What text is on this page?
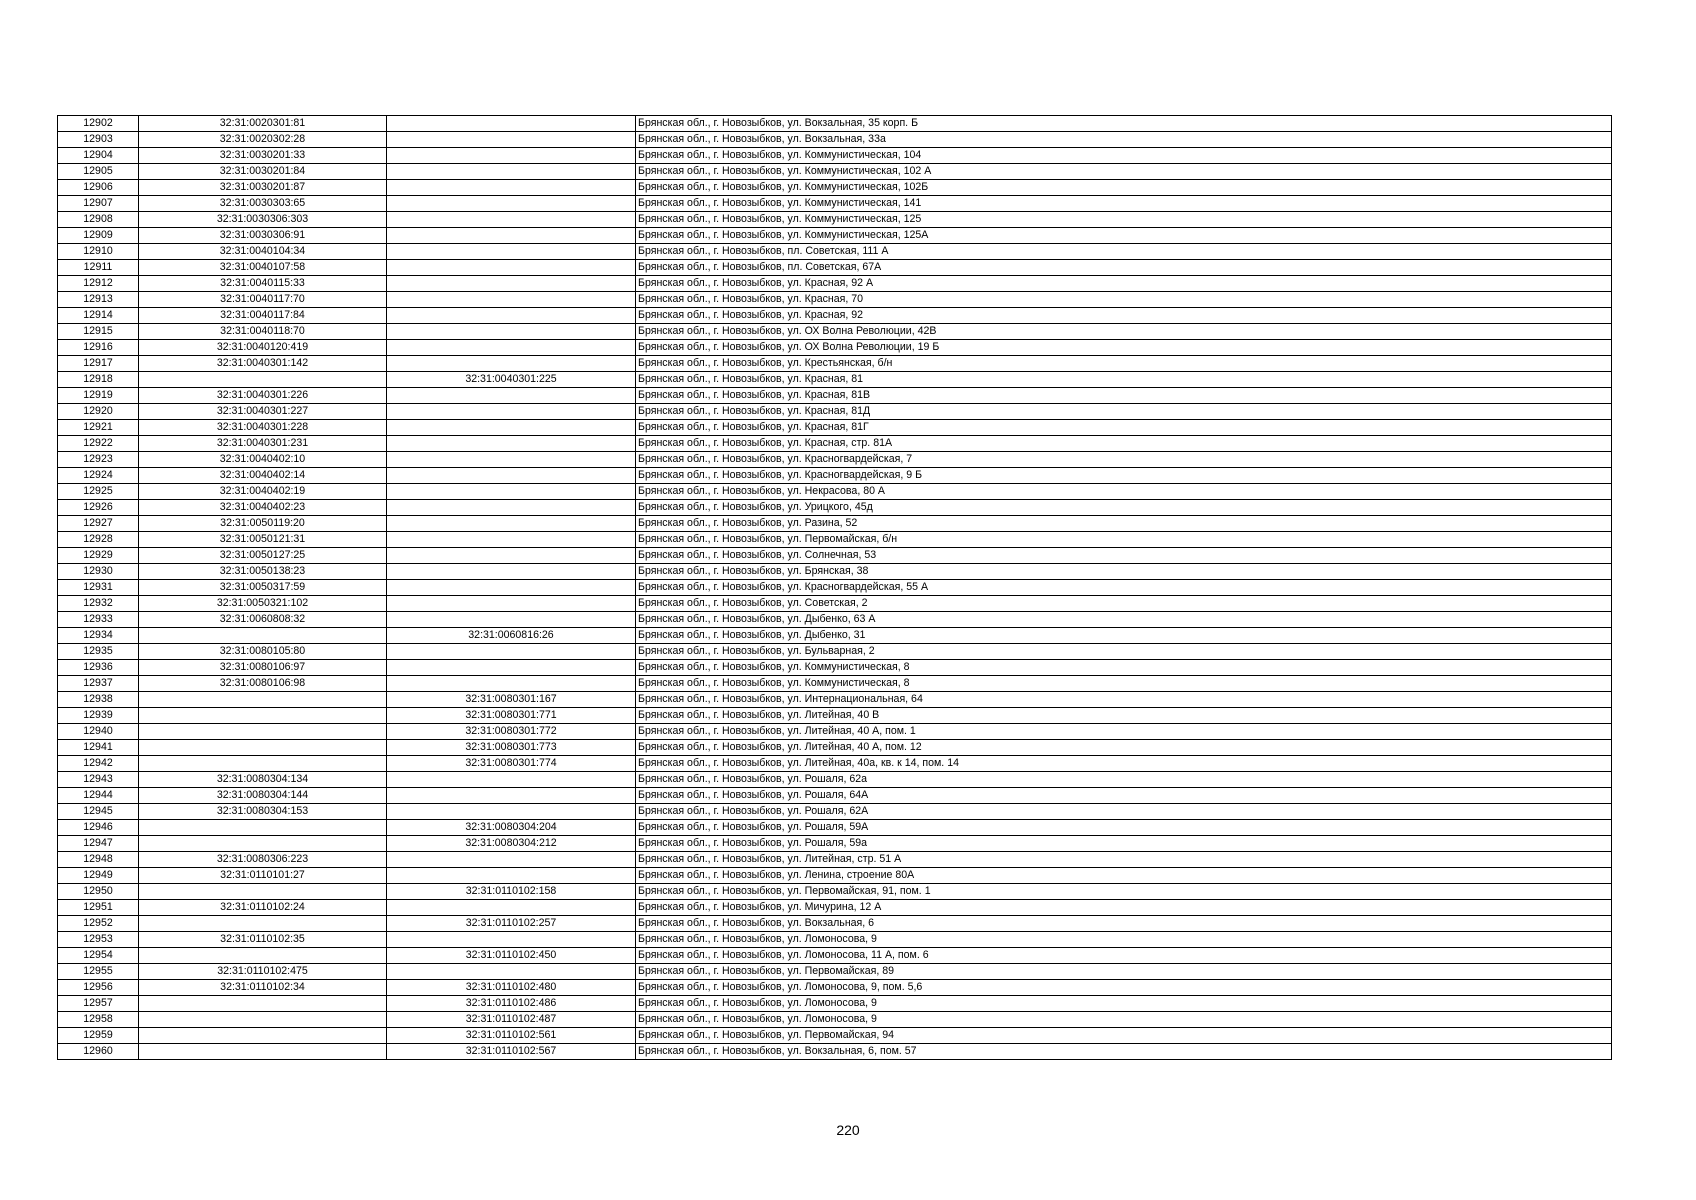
12902	32:31:0020301:81		Брянская обл., г. Новозыбков, ул. Вокзальная, 35 корп. Б
12903	32:31:0020302:28		Брянская обл., г. Новозыбков, ул. Вокзальная, 33а
12904	32:31:0030201:33		Брянская обл., г. Новозыбков, ул. Коммунистическая, 104
12905	32:31:0030201:84		Брянская обл., г. Новозыбков, ул. Коммунистическая, 102 А
12906	32:31:0030201:87		Брянская обл., г. Новозыбков, ул. Коммунистическая, 102Б
12907	32:31:0030303:65		Брянская обл., г. Новозыбков, ул. Коммунистическая, 141
12908	32:31:0030306:303		Брянская обл., г. Новозыбков, ул. Коммунистическая, 125
12909	32:31:0030306:91		Брянская обл., г. Новозыбков, ул. Коммунистическая, 125А
12910	32:31:0040104:34		Брянская обл., г. Новозыбков, пл. Советская, 111 А
12911	32:31:0040107:58		Брянская обл., г. Новозыбков, пл. Советская, 67А
12912	32:31:0040115:33		Брянская обл., г. Новозыбков, ул. Красная, 92 А
12913	32:31:0040117:70		Брянская обл., г. Новозыбков, ул. Красная, 70
12914	32:31:0040117:84		Брянская обл., г. Новозыбков, ул. Красная, 92
12915	32:31:0040118:70		Брянская обл., г. Новозыбков, ул. ОХ Волна Революции, 42В
12916	32:31:0040120:419		Брянская обл., г. Новозыбков, ул. ОХ Волна Революции, 19 Б
12917	32:31:0040301:142		Брянская обл., г. Новозыбков, ул. Крестьянская, б/н
12918		32:31:0040301:225	Брянская обл., г. Новозыбков, ул. Красная, 81
12919	32:31:0040301:226		Брянская обл., г. Новозыбков, ул. Красная, 81В
12920	32:31:0040301:227		Брянская обл., г. Новозыбков, ул. Красная, 81Д
12921	32:31:0040301:228		Брянская обл., г. Новозыбков, ул. Красная, 81Г
12922	32:31:0040301:231		Брянская обл., г. Новозыбков, ул. Красная, стр. 81А
12923	32:31:0040402:10		Брянская обл., г. Новозыбков, ул. Красногвардейская, 7
12924	32:31:0040402:14		Брянская обл., г. Новозыбков, ул. Красногвардейская, 9 Б
12925	32:31:0040402:19		Брянская обл., г. Новозыбков, ул. Некрасова, 80 А
12926	32:31:0040402:23		Брянская обл., г. Новозыбков, ул. Урицкого, 45д
12927	32:31:0050119:20		Брянская обл., г. Новозыбков, ул. Разина, 52
12928	32:31:0050121:31		Брянская обл., г. Новозыбков, ул. Первомайская, б/н
12929	32:31:0050127:25		Брянская обл., г. Новозыбков, ул. Солнечная, 53
12930	32:31:0050138:23		Брянская обл., г. Новозыбков, ул. Брянская, 38
12931	32:31:0050317:59		Брянская обл., г. Новозыбков, ул. Красногвардейская, 55 А
12932	32:31:0050321:102		Брянская обл., г. Новозыбков, ул. Советская, 2
12933	32:31:0060808:32		Брянская обл., г. Новозыбков, ул. Дыбенко, 63 А
12934		32:31:0060816:26	Брянская обл., г. Новозыбков, ул. Дыбенко, 31
12935	32:31:0080105:80		Брянская обл., г. Новозыбков, ул. Бульварная, 2
12936	32:31:0080106:97		Брянская обл., г. Новозыбков, ул. Коммунистическая, 8
12937	32:31:0080106:98		Брянская обл., г. Новозыбков, ул. Коммунистическая, 8
12938		32:31:0080301:167	Брянская обл., г. Новозыбков, ул. Интернациональная, 64
12939		32:31:0080301:771	Брянская обл., г. Новозыбков, ул. Литейная, 40 В
12940		32:31:0080301:772	Брянская обл., г. Новозыбков, ул. Литейная, 40 А, пом. 1
12941		32:31:0080301:773	Брянская обл., г. Новозыбков, ул. Литейная, 40 А, пом. 12
12942		32:31:0080301:774	Брянская обл., г. Новозыбков, ул. Литейная, 40а, кв. к 14, пом. 14
12943	32:31:0080304:134		Брянская обл., г. Новозыбков, ул. Рошаля, 62а
12944	32:31:0080304:144		Брянская обл., г. Новозыбков, ул. Рошаля, 64А
12945	32:31:0080304:153		Брянская обл., г. Новозыбков, ул. Рошаля, 62А
12946		32:31:0080304:204	Брянская обл., г. Новозыбков, ул. Рошаля, 59А
12947		32:31:0080304:212	Брянская обл., г. Новозыбков, ул. Рошаля, 59а
12948	32:31:0080306:223		Брянская обл., г. Новозыбков, ул. Литейная, стр. 51 А
12949	32:31:0110101:27		Брянская обл., г. Новозыбков, ул. Ленина, строение 80А
12950		32:31:0110102:158	Брянская обл., г. Новозыбков, ул. Первомайская, 91, пом. 1
12951	32:31:0110102:24		Брянская обл., г. Новозыбков, ул. Мичурина, 12 А
12952		32:31:0110102:257	Брянская обл., г. Новозыбков, ул. Вокзальная, 6
12953	32:31:0110102:35		Брянская обл., г. Новозыбков, ул. Ломоносова, 9
12954		32:31:0110102:450	Брянская обл., г. Новозыбков, ул. Ломоносова, 11 А, пом. 6
12955	32:31:0110102:475		Брянская обл., г. Новозыбков, ул. Первомайская, 89
12956	32:31:0110102:34	32:31:0110102:480	Брянская обл., г. Новозыбков, ул. Ломоносова, 9, пом. 5,6
12957		32:31:0110102:486	Брянская обл., г. Новозыбков, ул. Ломоносова, 9
12958		32:31:0110102:487	Брянская обл., г. Новозыбков, ул. Ломоносова, 9
12959		32:31:0110102:561	Брянская обл., г. Новозыбков, ул. Первомайская, 94
12960		32:31:0110102:567	Брянская обл., г. Новозыбков, ул. Вокзальная, 6, пом. 57
220
